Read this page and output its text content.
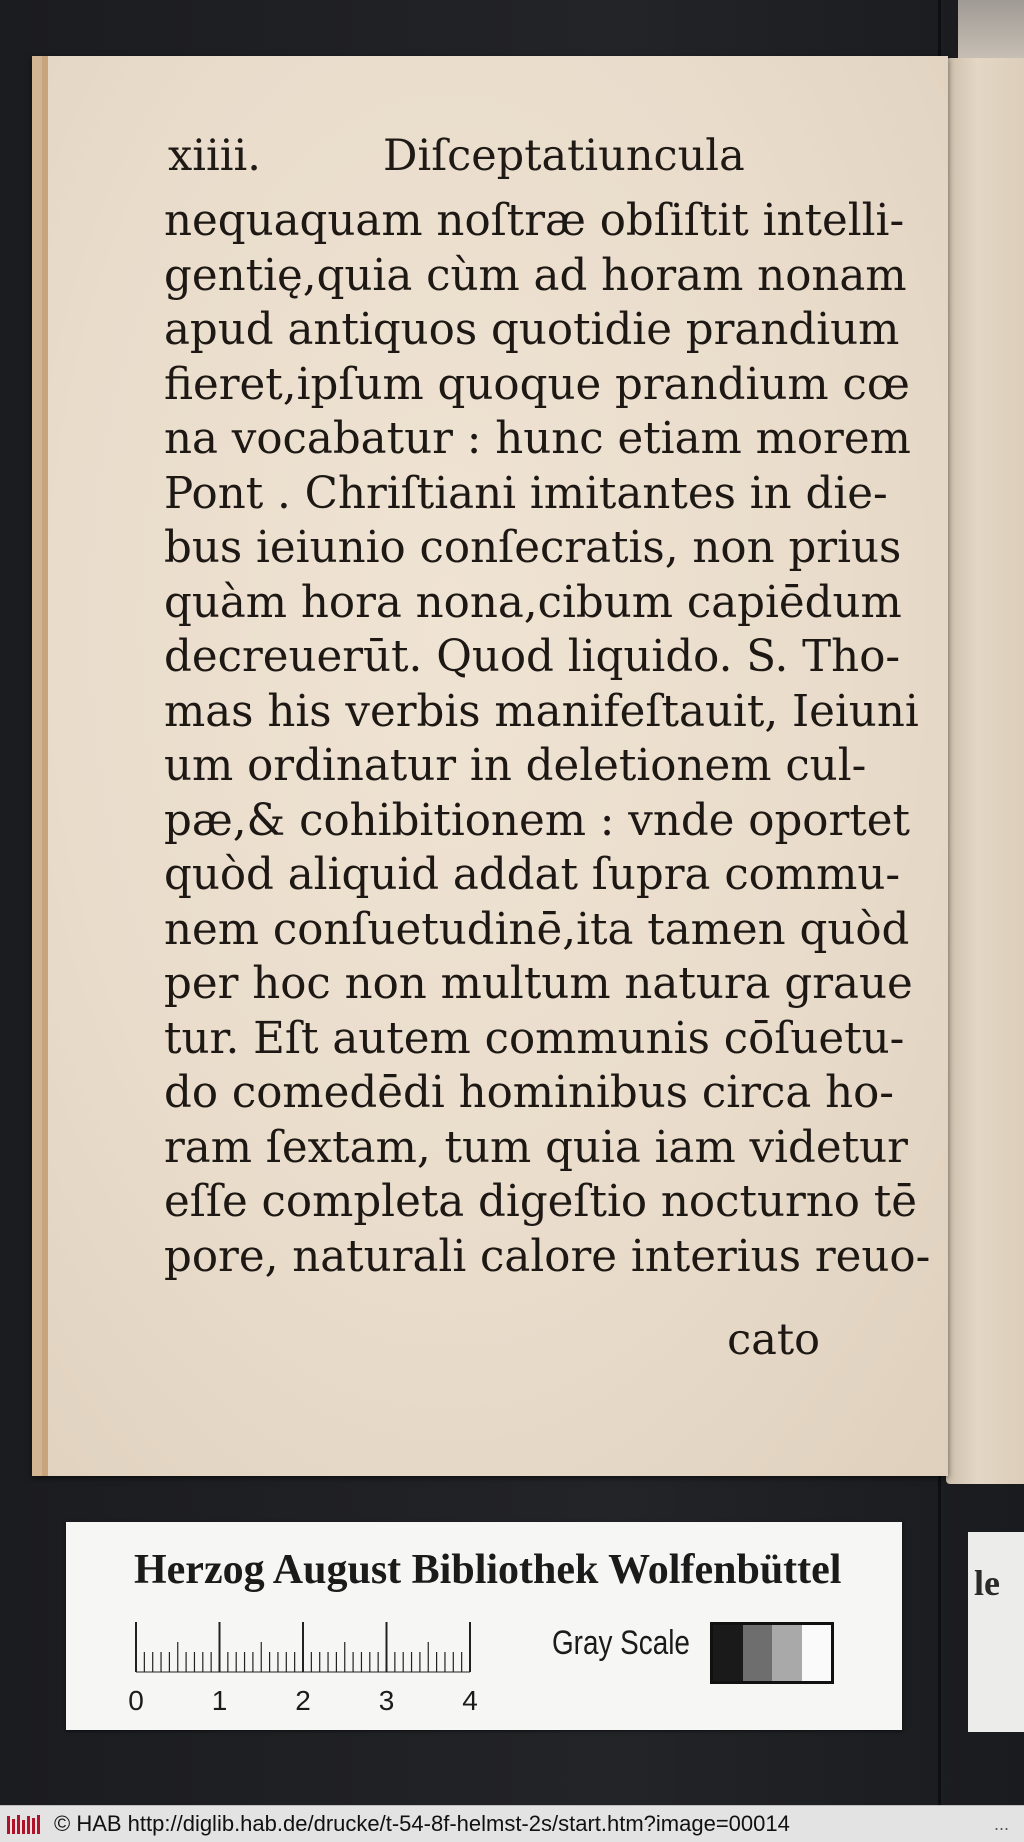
xiiii.	Diſceptatiuncula
nequaquam noſtræ obſiſtit intelli-
gentię,quia cùm ad horam nonam
apud antiquos quotidie prandium
fieret,ipſum quoque prandium cœ
na vocabatur : hunc etiam morem
Pont . Chriſtiani imitantes in die-
bus ieiunio conſecratis, non prius
quàm hora nona,cibum capiēdum
decreuerūt. Quod liquido. S. Tho-
mas his verbis manifeſtauit, Ieiuni
um ordinatur in deletionem cul-
pæ,& cohibitionem : vnde oportet
quòd aliquid addat ſupra commu-
nem conſuetudinē,ita tamen quòd
per hoc non multum natura graue
tur. Eſt autem communis cōſuetu-
do comedēdi hominibus circa ho-
ram ſextam, tum quia iam videtur
eſſe completa digeſtio nocturno tē
pore, naturali calore interius reuo-
cato
Herzog August Bibliothek Wolfenbüttel
0 1 2 3 4
Gray Scale
le
© HAB http://diglib.hab.de/drucke/t-54-8f-helmst-2s/start.htm?image=00014	...
